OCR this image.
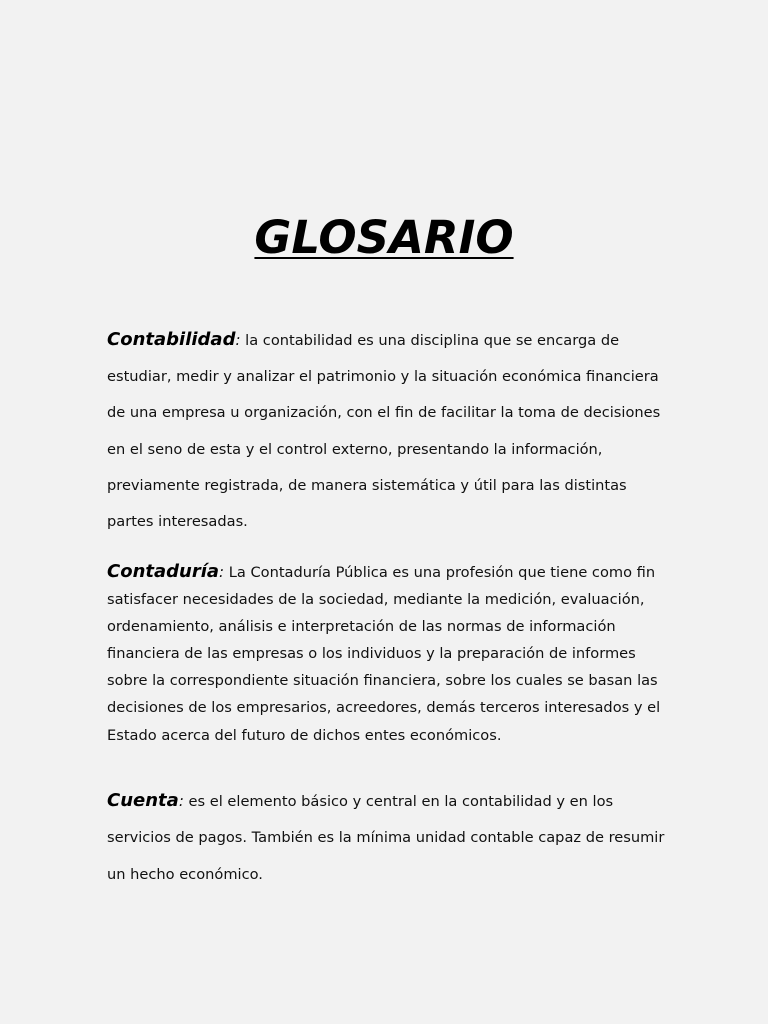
GLOSARIO

Contabilidad: la contabilidad es una disciplina que se encarga de estudiar, medir y analizar el patrimonio y la situación económica financiera de una empresa u organización, con el fin de facilitar la toma de decisiones en el seno de esta y el control externo, presentando la información, previamente registrada, de manera sistemática y útil para las distintas partes interesadas.

Contaduría: La Contaduría Pública es una profesión que tiene como fin satisfacer necesidades de la sociedad, mediante la medición, evaluación, ordenamiento, análisis e interpretación de las normas de información financiera de las empresas o los individuos y la preparación de informes sobre la correspondiente situación financiera, sobre los cuales se basan las decisiones de los empresarios, acreedores, demás terceros interesados y el Estado acerca del futuro de dichos entes económicos.

Cuenta: es el elemento básico y central en la contabilidad y en los servicios de pagos. También es la mínima unidad contable capaz de resumir un hecho económico.
